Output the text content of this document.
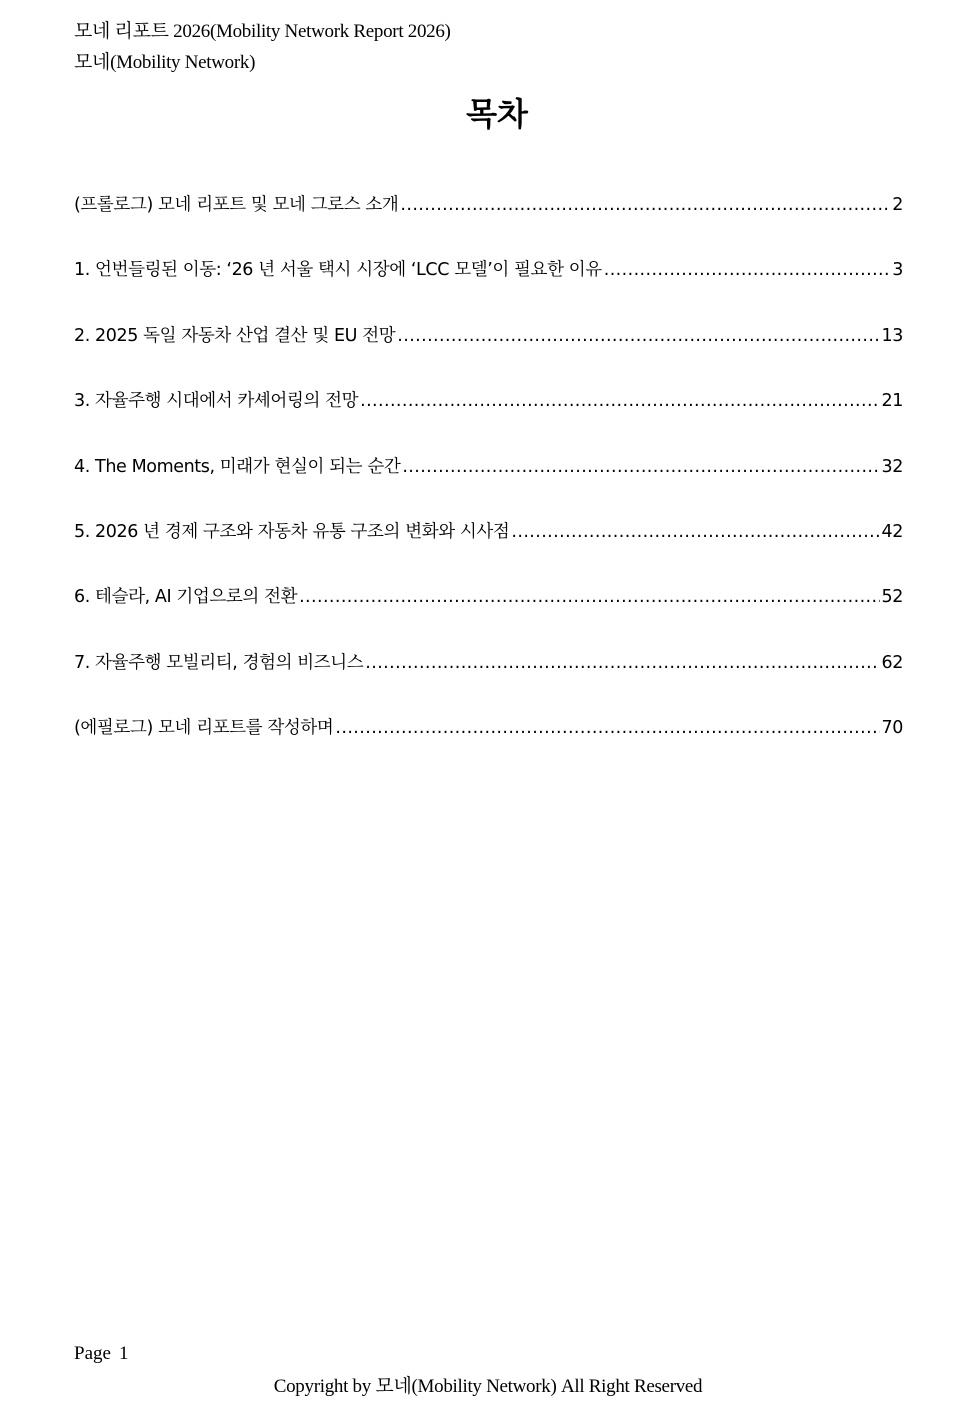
모네 리포트 2026(Mobility Network Report 2026)
모네(Mobility Network)
목차
(프롤로그) 모네 리포트 및 모네 그로스 소개 .....	2
1. 언번들링된 이동: ‘26 년 서울 택시 시장에 ‘LCC 모델’이 필요한 이유 .....	3
2. 2025 독일 자동차 산업 결산 및 EU 전망 .....	13
3. 자율주행 시대에서 카셰어링의 전망 .....	21
4. The Moments, 미래가 현실이 되는 순간 .....	32
5. 2026 년 경제 구조와 자동차 유통 구조의 변화와 시사점 .....	42
6. 테슬라, AI 기업으로의 전환 .....	52
7. 자율주행 모빌리티, 경험의 비즈니스 .....	62
(에필로그) 모네 리포트를 작성하며 .....	70
Page 1
Copyright by 모네(Mobility Network) All Right Reserved
